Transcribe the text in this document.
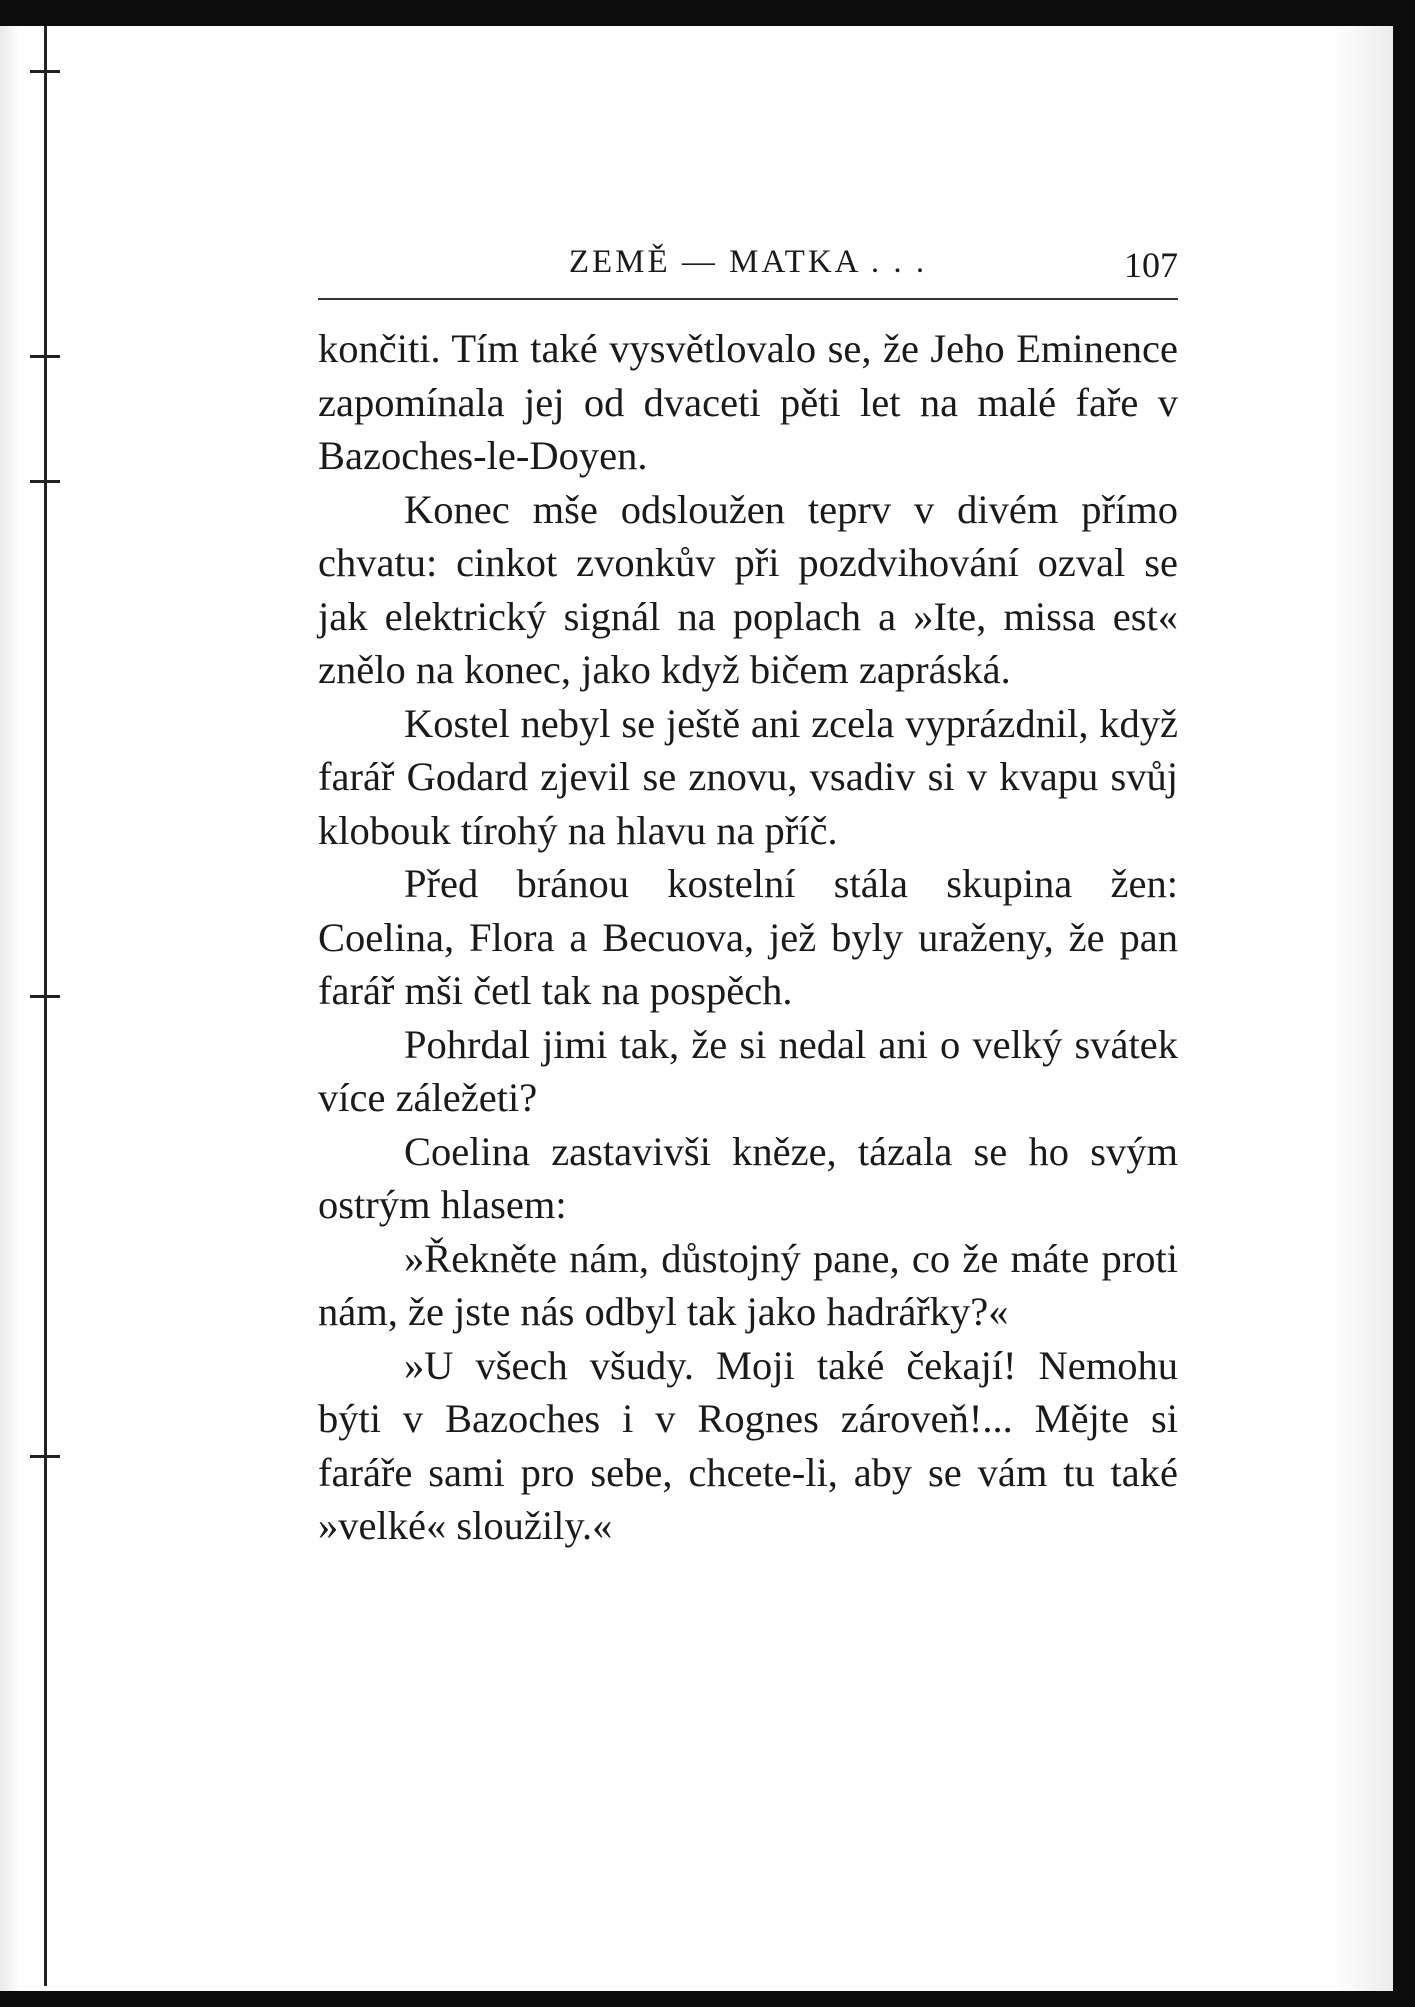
ZEMĚ — MATKA . . .	107

končiti. Tím také vysvětlovalo se, že Jeho Eminence zapomínala jej od dvaceti pěti let na malé faře v Bazoches-le-Doyen.

Konec mše odsloužen teprv v divém přímo chvatu: cinkot zvonkův při pozdvihování ozval se jak elektrický signál na poplach a »Ite, missa est« znělo na konec, jako když bičem zapráská.

Kostel nebyl se ještě ani zcela vyprázdnil, když farář Godard zjevil se znovu, vsadiv si v kvapu svůj klobouk tírohý na hlavu na příč.

Před bránou kostelní stála skupina žen: Coelina, Flora a Becuova, jež byly uraženy, že pan farář mši četl tak na pospěch.

Pohrdal jimi tak, že si nedal ani o velký svátek více záležeti?

Coelina zastavivši kněze, tázala se ho svým ostrým hlasem:

»Řekněte nám, důstojný pane, co že máte proti nám, že jste nás odbyl tak jako hadrářky?«

»U všech všudy. Moji také čekají! Nemohu býti v Bazoches i v Rognes zároveň!... Mějte si faráře sami pro sebe, chcete-li, aby se vám tu také »velké« sloužily.«
